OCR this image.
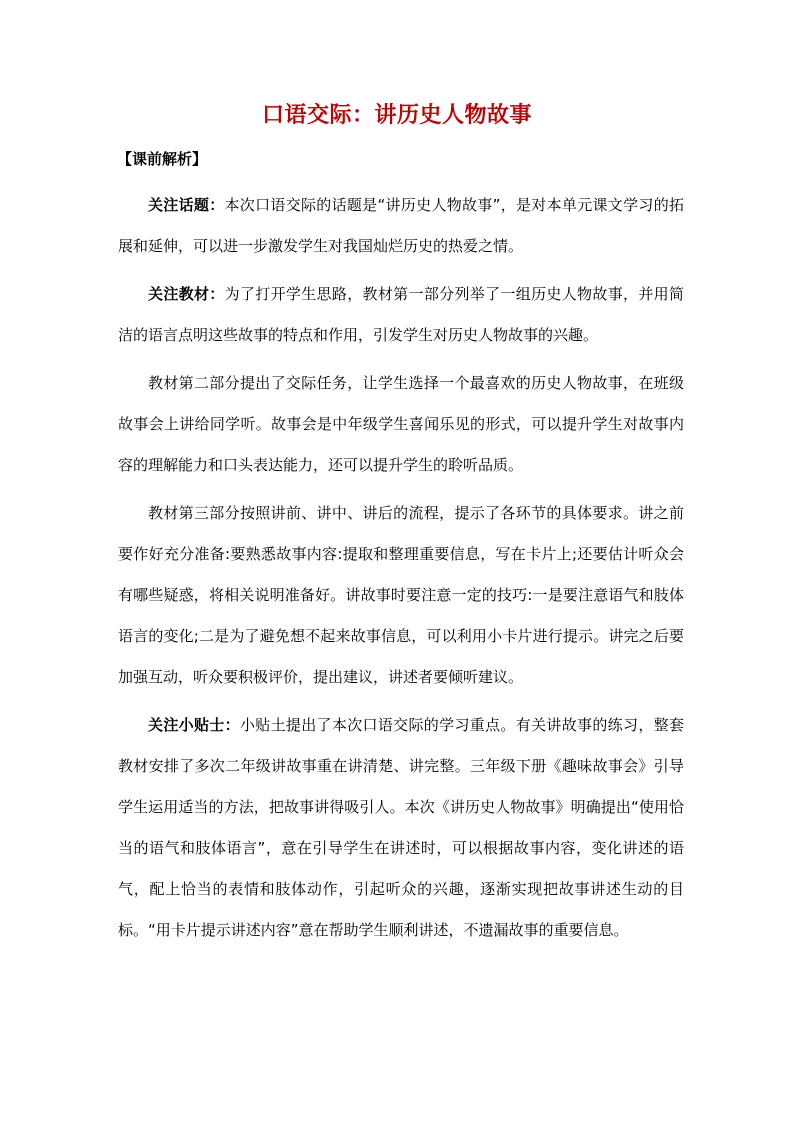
口语交际：讲历史人物故事
【课前解析】

关注话题：本次口语交际的话题是“讲历史人物故事”，是对本单元课文学习的拓展和延伸，可以进一步激发学生对我国灿烂历史的热爱之情。

关注教材：为了打开学生思路，教材第一部分列举了一组历史人物故事，并用简洁的语言点明这些故事的特点和作用，引发学生对历史人物故事的兴趣。

教材第二部分提出了交际任务，让学生选择一个最喜欢的历史人物故事，在班级故事会上讲给同学听。故事会是中年级学生喜闻乐见的形式，可以提升学生对故事内容的理解能力和口头表达能力，还可以提升学生的聆听品质。

教材第三部分按照讲前、讲中、讲后的流程，提示了各环节的具体要求。讲之前要作好充分准备:要熟悉故事内容:提取和整理重要信息，写在卡片上;还要估计听众会有哪些疑惑，将相关说明准备好。讲故事时要注意一定的技巧:一是要注意语气和肢体语言的变化;二是为了避免想不起来故事信息，可以利用小卡片进行提示。讲完之后要加强互动，听众要积极评价，提出建议，讲述者要倾听建议。

关注小贴士：小贴土提出了本次口语交际的学习重点。有关讲故事的练习，整套教材安排了多次二年级讲故事重在讲清楚、讲完整。三年级下册《趣味故事会》引导学生运用适当的方法，把故事讲得吸引人。本次《讲历史人物故事》明确提出“使用恰当的语气和肢体语言”，意在引导学生在讲述时，可以根据故事内容，变化讲述的语气，配上恰当的表情和肢体动作，引起听众的兴趣，逐渐实现把故事讲述生动的目标。“用卡片提示讲述内容”意在帮助学生顺利讲述，不遗漏故事的重要信息。
